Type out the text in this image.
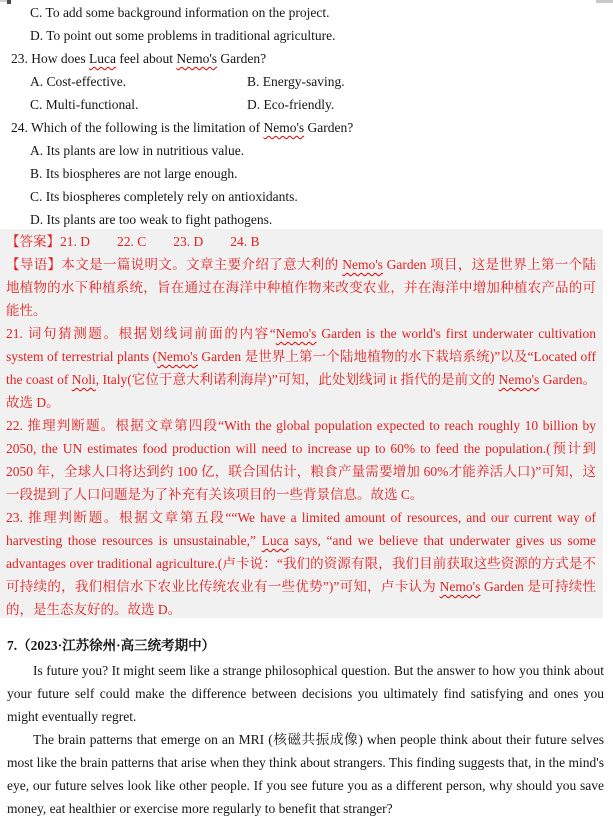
C. To add some background information on the project.
D. To point out some problems in traditional agriculture.
23. How does Luca feel about Nemo's Garden?
A. Cost-effective.	B. Energy-saving.
C. Multi-functional.	D. Eco-friendly.
24. Which of the following is the limitation of Nemo's Garden?
A. Its plants are low in nutritious value.
B. Its biospheres are not large enough.
C. Its biospheres completely rely on antioxidants.
D. Its plants are too weak to fight pathogens.

【答案】21. D　　22. C　　23. D　　24. B

【导语】本文是一篇说明文。文章主要介绍了意大利的 Nemo's Garden 项目，这是世界上第一个陆地植物的水下种植系统，旨在通过在海洋中种植作物来改变农业，并在海洋中增加种植农产品的可能性。

21. 词句猜测题。根据划线词前面的内容“Nemo's Garden is the world's first underwater cultivation system of terrestrial plants (Nemo's Garden 是世界上第一个陆地植物的水下栽培系统)”以及“Located off the coast of Noli, Italy(它位于意大利诺利海岸)”可知，此处划线词 it 指代的是前文的 Nemo's Garden。故选 D。

22. 推理判断题。根据文章第四段“With the global population expected to reach roughly 10 billion by 2050, the UN estimates food production will need to increase up to 60% to feed the population.(预计到 2050 年，全球人口将达到约 100 亿，联合国估计，粮食产量需要增加 60%才能养活人口)”可知，这一段提到了人口问题是为了补充有关该项目的一些背景信息。故选 C。

23. 推理判断题。根据文章第五段““We have a limited amount of resources, and our current way of harvesting those resources is unsustainable,” Luca says, “and we believe that underwater gives us some advantages over traditional agriculture.(卢卡说：“我们的资源有限，我们目前获取这些资源的方式是不可持续的，我们相信水下农业比传统农业有一些优势”)”可知，卢卡认为 Nemo's Garden 是可持续性的，是生态友好的。故选 D。

7.（2023·江苏徐州·高三统考期中）

Is future you? It might seem like a strange philosophical question. But the answer to how you think about your future self could make the difference between decisions you ultimately find satisfying and ones you might eventually regret.

The brain patterns that emerge on an MRI (核磁共振成像) when people think about their future selves most like the brain patterns that arise when they think about strangers. This finding suggests that, in the mind's eye, our future selves look like other people. If you see future you as a different person, why should you save money, eat healthier or exercise more regularly to benefit that stranger?
